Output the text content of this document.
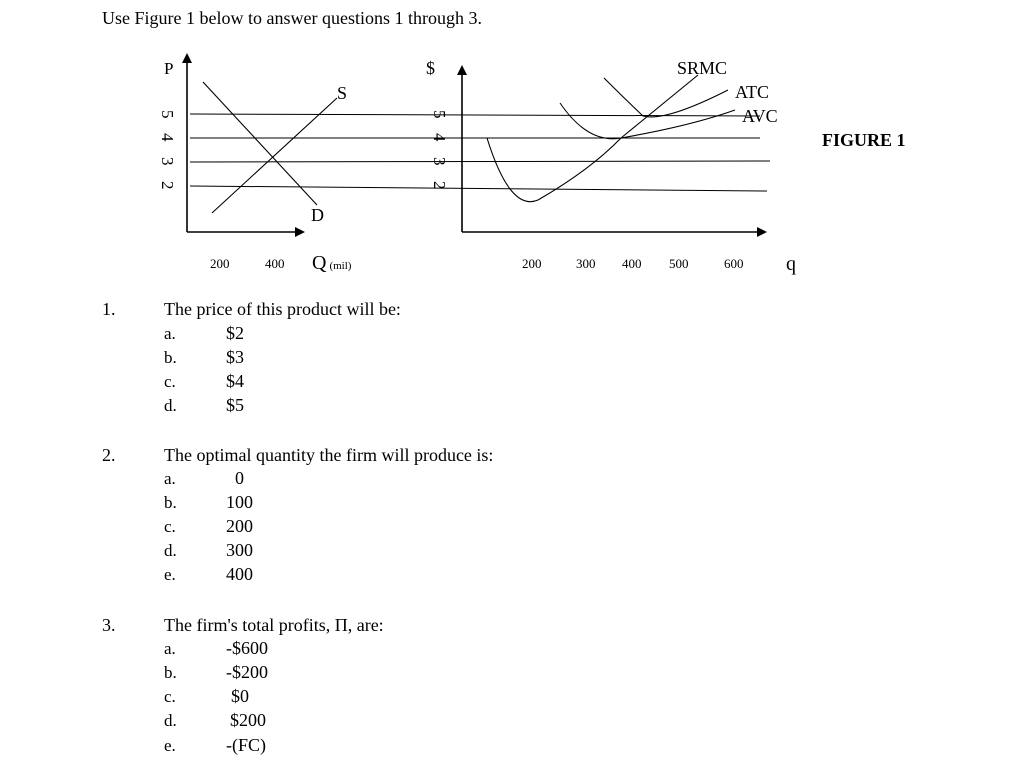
Use Figure 1 below to answer questions 1 through 3.
P
5
4
3
2
S
D
200	400 Q (mil)
$
5
4
3
2
SRMC
ATC
AVC
200	300 400 500	600 q
FIGURE 1
1.	The price of this product will be:
a.	$2
b.	$3
c.	$4
d.	$5
2.	The optimal quantity the firm will produce is:
a.	0
b.	100
c.	200
d.	300
e.	400
3.	The firm's total profits, Π, are:
a.	-$600
b.	-$200
c.	$0
d.	$200
e.	-(FC)
